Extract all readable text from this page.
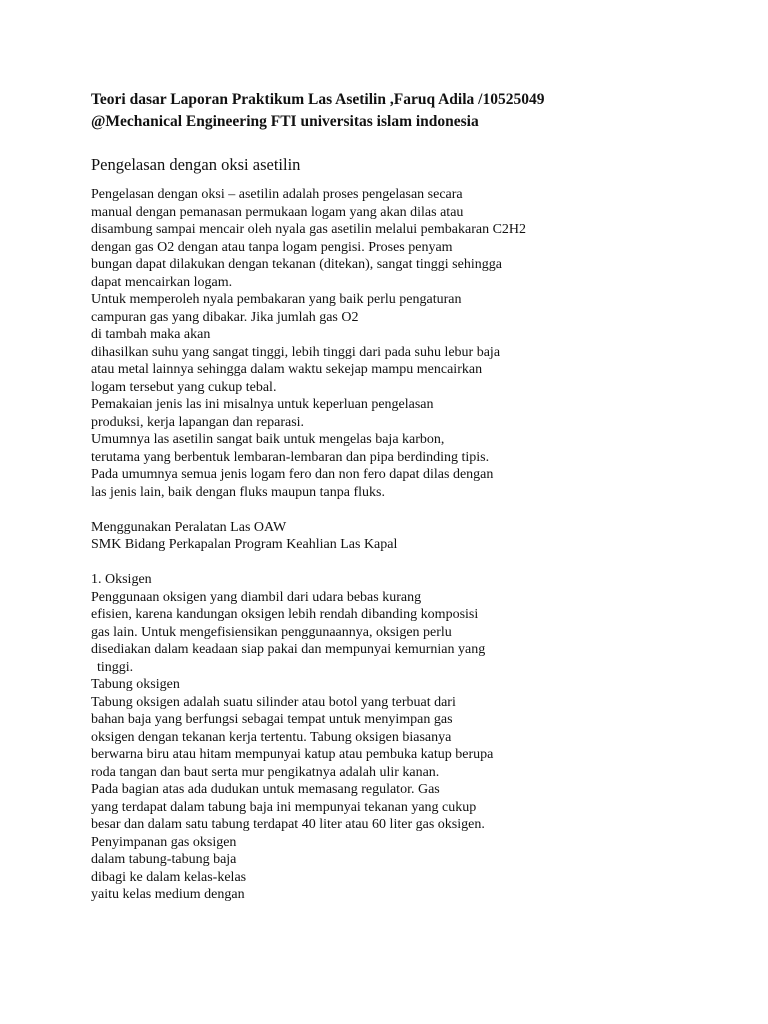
Teori dasar Laporan Praktikum Las Asetilin ,Faruq Adila /10525049
@Mechanical Engineering FTI universitas islam indonesia
Pengelasan dengan oksi asetilin
Pengelasan dengan oksi – asetilin adalah proses pengelasan secara
manual dengan pemanasan permukaan logam yang akan dilas atau
disambung sampai mencair oleh nyala gas asetilin melalui pembakaran C2H2
dengan gas O2 dengan atau tanpa logam pengisi. Proses penyam
bungan dapat dilakukan dengan tekanan (ditekan), sangat tinggi sehingga
dapat mencairkan logam.
Untuk memperoleh nyala pembakaran yang baik perlu pengaturan
campuran gas yang dibakar. Jika jumlah gas O2
di tambah maka akan
dihasilkan suhu yang sangat tinggi, lebih tinggi dari pada suhu lebur baja
atau metal lainnya sehingga dalam waktu sekejap mampu mencairkan
logam tersebut yang cukup tebal.
Pemakaian jenis las ini misalnya untuk keperluan pengelasan
produksi, kerja lapangan dan reparasi.
Umumnya las asetilin sangat baik untuk mengelas baja karbon,
terutama yang berbentuk lembaran-lembaran dan pipa berdinding tipis.
Pada umumnya semua jenis logam fero dan non fero dapat dilas dengan
las jenis lain, baik dengan fluks maupun tanpa fluks.
Menggunakan Peralatan Las OAW
SMK Bidang Perkapalan Program Keahlian Las Kapal
1. Oksigen
Penggunaan oksigen yang diambil dari udara bebas kurang
efisien, karena kandungan oksigen lebih rendah dibanding komposisi
gas lain. Untuk mengefisiensikan penggunaannya, oksigen perlu
disediakan dalam keadaan siap pakai dan mempunyai kemurnian yang
tinggi.
Tabung oksigen
Tabung oksigen adalah suatu silinder atau botol yang terbuat dari
bahan baja yang berfungsi sebagai tempat untuk menyimpan gas
oksigen dengan tekanan kerja tertentu. Tabung oksigen biasanya
berwarna biru atau hitam mempunyai katup atau pembuka katup berupa
roda tangan dan baut serta mur pengikatnya adalah ulir kanan.
Pada bagian atas ada dudukan untuk memasang regulator. Gas
yang terdapat dalam tabung baja ini mempunyai tekanan yang cukup
besar dan dalam satu tabung terdapat 40 liter atau 60 liter gas oksigen.
Penyimpanan gas oksigen
dalam tabung-tabung baja
dibagi ke dalam kelas-kelas
yaitu kelas medium dengan
